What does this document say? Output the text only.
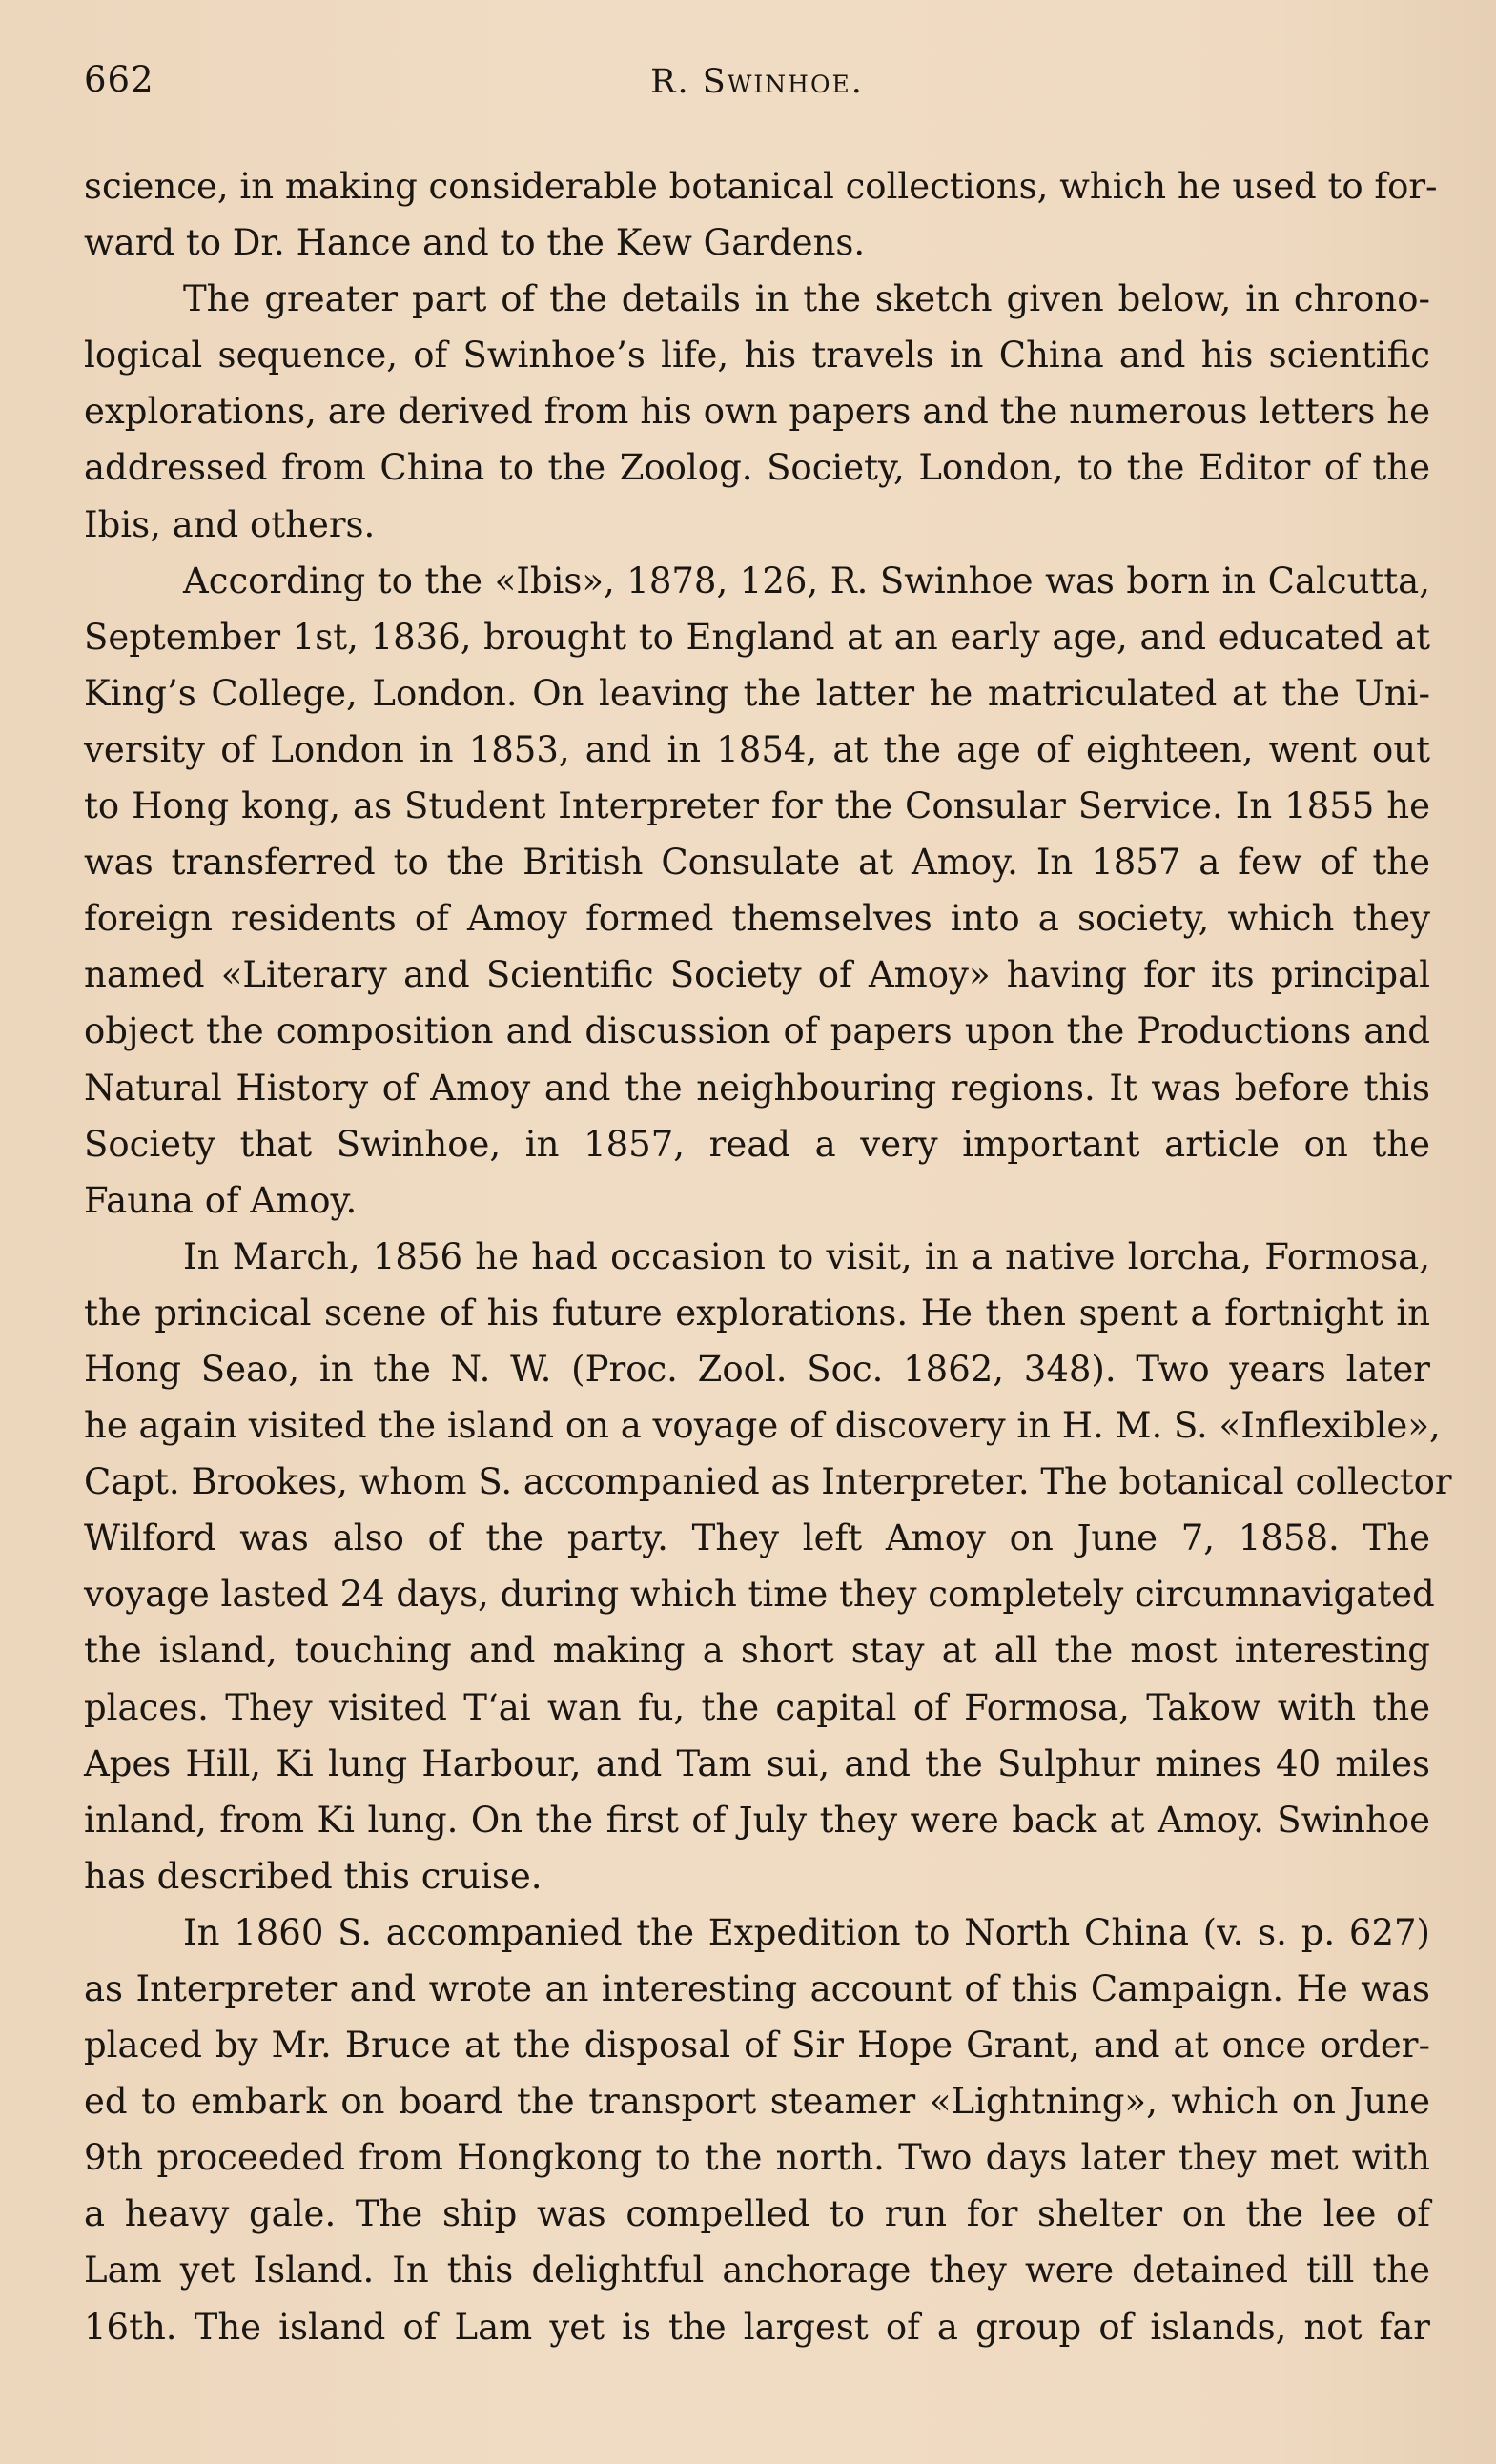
662	R. Swinhoe.
science, in making considerable botanical collections, which he used to for-
ward to Dr. Hance and to the Kew Gardens.
The greater part of the details in the sketch given below, in chrono-
logical sequence, of Swinhoe’s life, his travels in China and his scientific
explorations, are derived from his own papers and the numerous letters he
addressed from China to the Zoolog. Society, London, to the Editor of the
Ibis, and others.
According to the «Ibis», 1878, 126, R. Swinhoe was born in Calcutta,
September 1st, 1836, brought to England at an early age, and educated at
King’s College, London. On leaving the latter he matriculated at the Uni-
versity of London in 1853, and in 1854, at the age of eighteen, went out
to Hong kong, as Student Interpreter for the Consular Service. In 1855 he
was transferred to the British Consulate at Amoy. In 1857 a few of the
foreign residents of Amoy formed themselves into a society, which they
named «Literary and Scientific Society of Amoy» having for its principal
object the composition and discussion of papers upon the Productions and
Natural History of Amoy and the neighbouring regions. It was before this
Society that Swinhoe, in 1857, read a very important article on the
Fauna of Amoy.
In March, 1856 he had occasion to visit, in a native lorcha, Formosa,
the princical scene of his future explorations. He then spent a fortnight in
Hong Seao, in the N. W. (Proc. Zool. Soc. 1862, 348). Two years later
he again visited the island on a voyage of discovery in H. M. S. «Inflexible»,
Capt. Brookes, whom S. accompanied as Interpreter. The botanical collector
Wilford was also of the party. They left Amoy on June 7, 1858. The
voyage lasted 24 days, during which time they completely circumnavigated
the island, touching and making a short stay at all the most interesting
places. They visited Tʻai wan fu, the capital of Formosa, Takow with the
Apes Hill, Ki lung Harbour, and Tam sui, and the Sulphur mines 40 miles
inland, from Ki lung. On the first of July they were back at Amoy. Swinhoe
has described this cruise.
In 1860 S. accompanied the Expedition to North China (v. s. p. 627)
as Interpreter and wrote an interesting account of this Campaign. He was
placed by Mr. Bruce at the disposal of Sir Hope Grant, and at once order-
ed to embark on board the transport steamer «Lightning», which on June
9th proceeded from Hongkong to the north. Two days later they met with
a heavy gale. The ship was compelled to run for shelter on the lee of
Lam yet Island. In this delightful anchorage they were detained till the
16th. The island of Lam yet is the largest of a group of islands, not far
